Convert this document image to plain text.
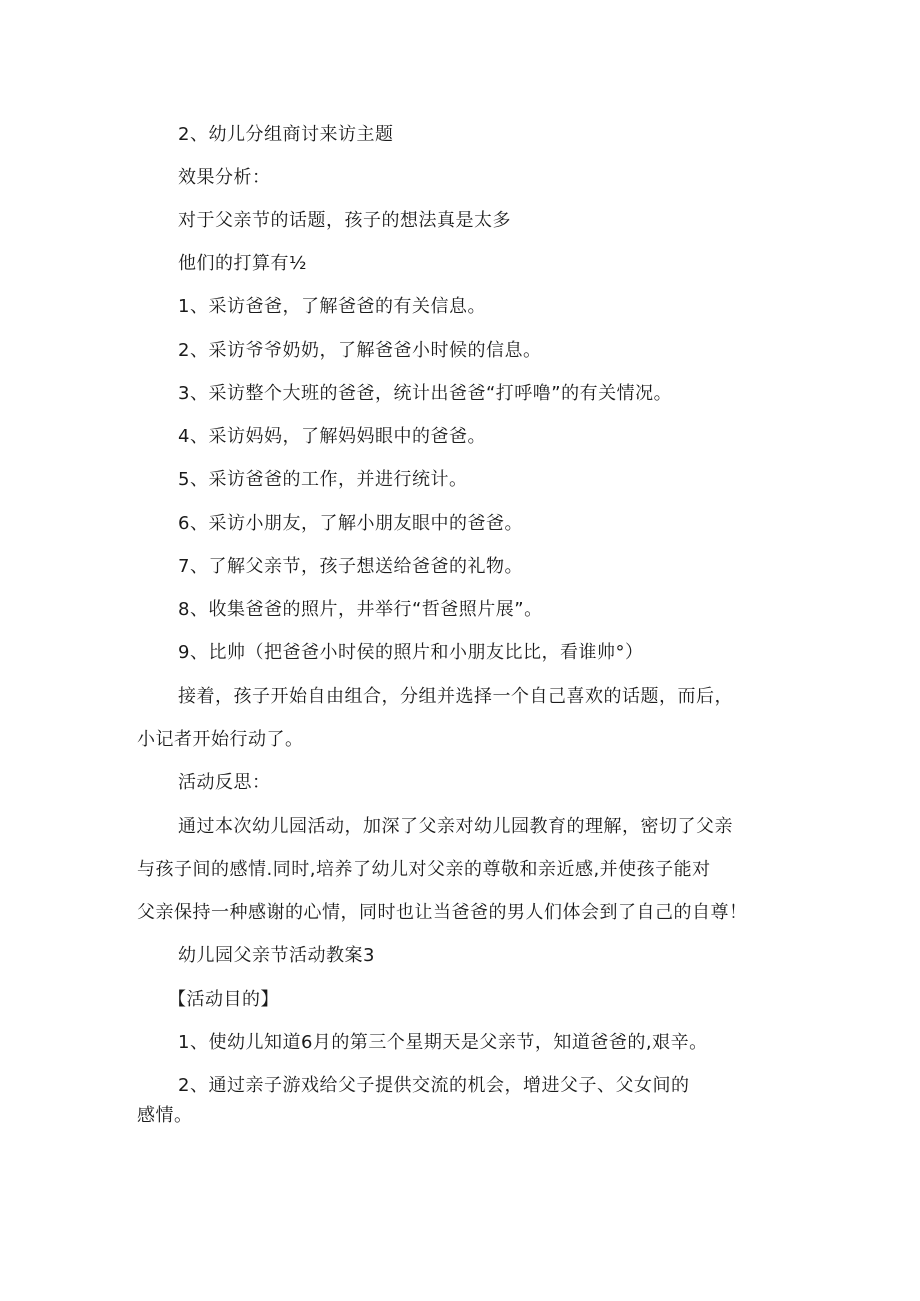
2、幼儿分组商讨来访主题
效果分析：
对于父亲节的话题，孩子的想法真是太多
他们的打算有½
1、采访爸爸，了解爸爸的有关信息。
2、采访爷爷奶奶，了解爸爸小时候的信息。
3、采访整个大班的爸爸，统计出爸爸“打呼噜”的有关情况。
4、采访妈妈，了解妈妈眼中的爸爸。
5、采访爸爸的工作，并进行统计。
6、采访小朋友，了解小朋友眼中的爸爸。
7、了解父亲节，孩子想送给爸爸的礼物。
8、收集爸爸的照片，井举行“哲爸照片展”。
9、比帅（把爸爸小时侯的照片和小朋友比比，看谁帅°）
接着，孩子开始自由组合，分组并选择一个自己喜欢的话题，而后，
小记者开始行动了。
活动反思：
通过本次幼儿园活动，加深了父亲对幼儿园教育的理解，密切了父亲
与孩子间的感情.同时,培养了幼儿对父亲的尊敬和亲近感,并使孩子能对
父亲保持一种感谢的心情，同时也让当爸爸的男人们体会到了自己的自尊！
幼儿园父亲节活动教案3
【活动目的】
1、使幼儿知道6月的第三个星期天是父亲节，知道爸爸的,艰辛。
2、通过亲子游戏给父子提供交流的机会，增进父子、父女间的
感情。
